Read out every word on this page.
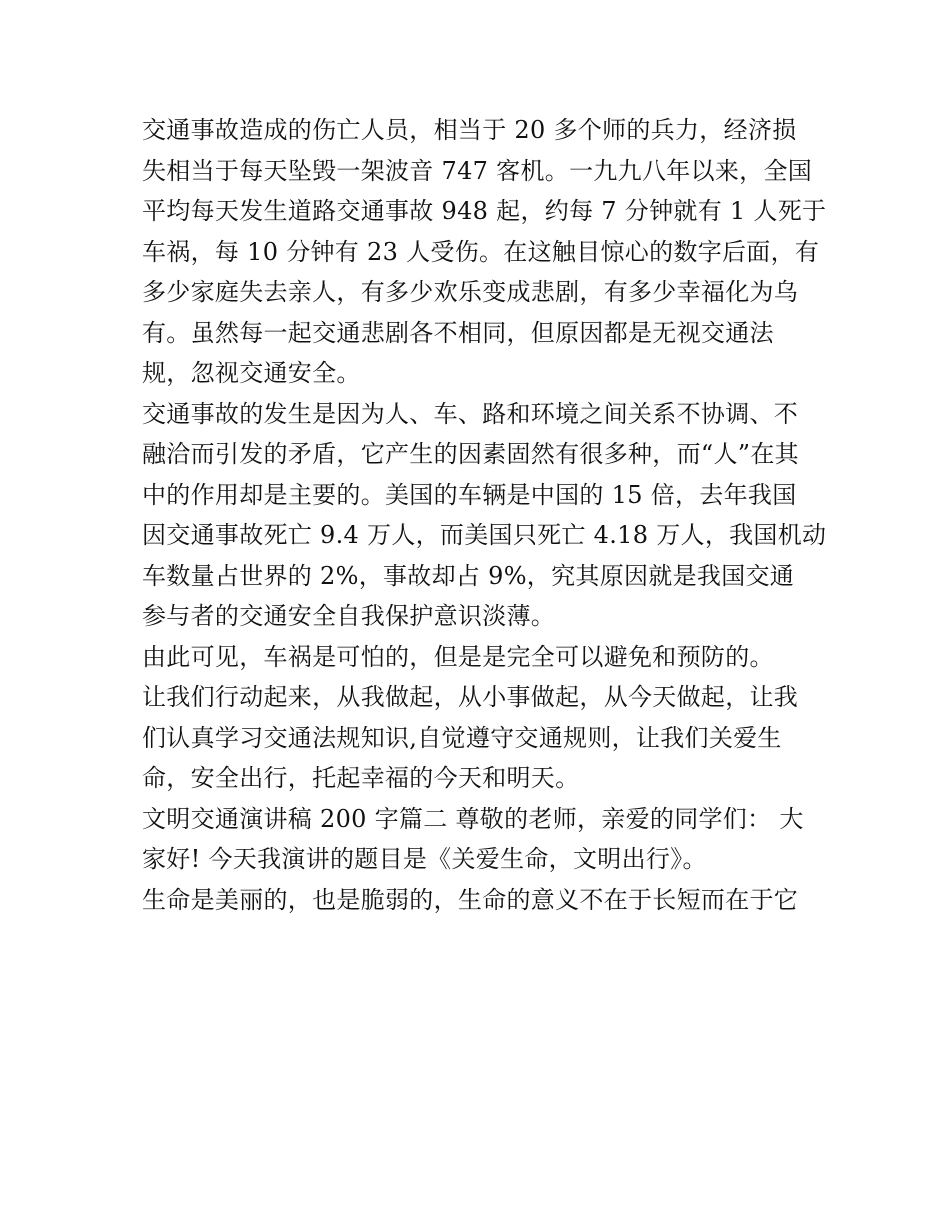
交通事故造成的伤亡人员，相当于 20 多个师的兵力，经济损
失相当于每天坠毁一架波音 747 客机。一九九八年以来，全国
平均每天发生道路交通事故 948 起，约每 7 分钟就有 1 人死于
车祸，每 10 分钟有 23 人受伤。在这触目惊心的数字后面，有
多少家庭失去亲人，有多少欢乐变成悲剧，有多少幸福化为乌
有。虽然每一起交通悲剧各不相同，但原因都是无视交通法
规，忽视交通安全。
交通事故的发生是因为人、车、路和环境之间关系不协调、不
融洽而引发的矛盾，它产生的因素固然有很多种，而“人”在其
中的作用却是主要的。美国的车辆是中国的 15 倍，去年我国
因交通事故死亡 9.4 万人，而美国只死亡 4.18 万人，我国机动
车数量占世界的 2%，事故却占 9%，究其原因就是我国交通
参与者的交通安全自我保护意识淡薄。
由此可见，车祸是可怕的，但是是完全可以避免和预防的。
让我们行动起来，从我做起，从小事做起，从今天做起，让我
们认真学习交通法规知识,自觉遵守交通规则，让我们关爱生
命，安全出行，托起幸福的今天和明天。
文明交通演讲稿 200 字篇二 尊敬的老师，亲爱的同学们： 大
家好! 今天我演讲的题目是《关爱生命，文明出行》。
生命是美丽的，也是脆弱的，生命的意义不在于长短而在于它
